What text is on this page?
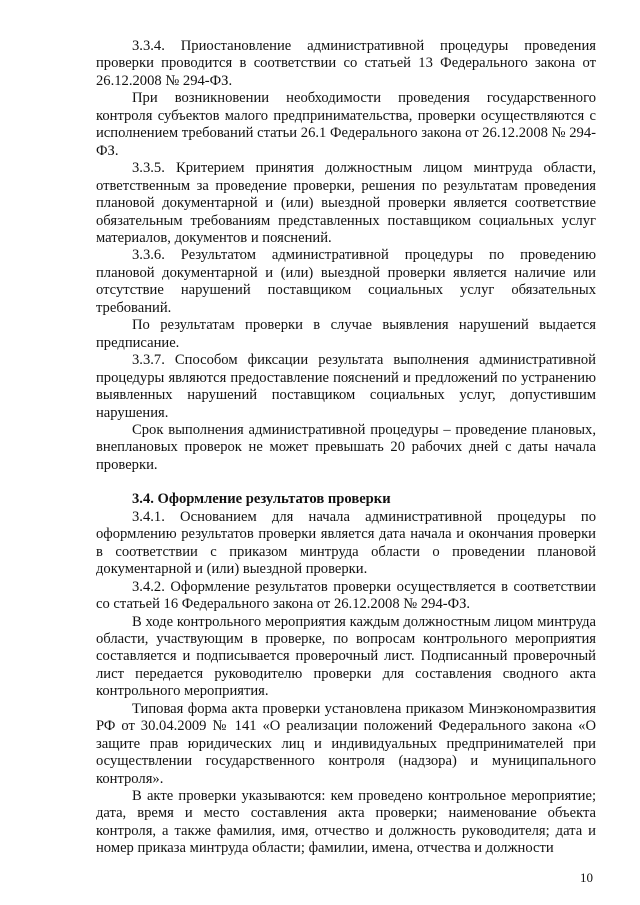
3.3.4. Приостановление административной процедуры проведения проверки проводится в соответствии со статьей 13 Федерального закона от 26.12.2008 № 294-ФЗ.

При возникновении необходимости проведения государственного контроля субъектов малого предпринимательства, проверки осуществляются с исполнением требований статьи 26.1 Федерального закона от 26.12.2008 № 294-ФЗ.

3.3.5. Критерием принятия должностным лицом минтруда области, ответственным за проведение проверки, решения по результатам проведения плановой документарной и (или) выездной проверки является соответствие обязательным требованиям представленных поставщиком социальных услуг материалов, документов и пояснений.

3.3.6. Результатом административной процедуры по проведению плановой документарной и (или) выездной проверки является наличие или отсутствие нарушений поставщиком социальных услуг обязательных требований.

По результатам проверки в случае выявления нарушений выдается предписание.

3.3.7. Способом фиксации результата выполнения административной процедуры являются предоставление пояснений и предложений по устранению выявленных нарушений поставщиком социальных услуг, допустившим нарушения.

Срок выполнения административной процедуры – проведение плановых, внеплановых проверок не может превышать 20 рабочих дней с даты начала проверки.

3.4. Оформление результатов проверки

3.4.1. Основанием для начала административной процедуры по оформлению результатов проверки является дата начала и окончания проверки в соответствии с приказом минтруда области о проведении плановой документарной и (или) выездной проверки.

3.4.2. Оформление результатов проверки осуществляется в соответствии со статьей 16 Федерального закона от 26.12.2008 № 294-ФЗ.

В ходе контрольного мероприятия каждым должностным лицом минтруда области, участвующим в проверке, по вопросам контрольного мероприятия составляется и подписывается проверочный лист. Подписанный проверочный лист передается руководителю проверки для составления сводного акта контрольного мероприятия.

Типовая форма акта проверки установлена приказом Минэкономразвития РФ от 30.04.2009 № 141 «О реализации положений Федерального закона «О защите прав юридических лиц и индивидуальных предпринимателей при осуществлении государственного контроля (надзора) и муниципального контроля».

В акте проверки указываются: кем проведено контрольное мероприятие; дата, время и место составления акта проверки; наименование объекта контроля, а также фамилия, имя, отчество и должность руководителя; дата и номер приказа минтруда области; фамилии, имена, отчества и должности

10
